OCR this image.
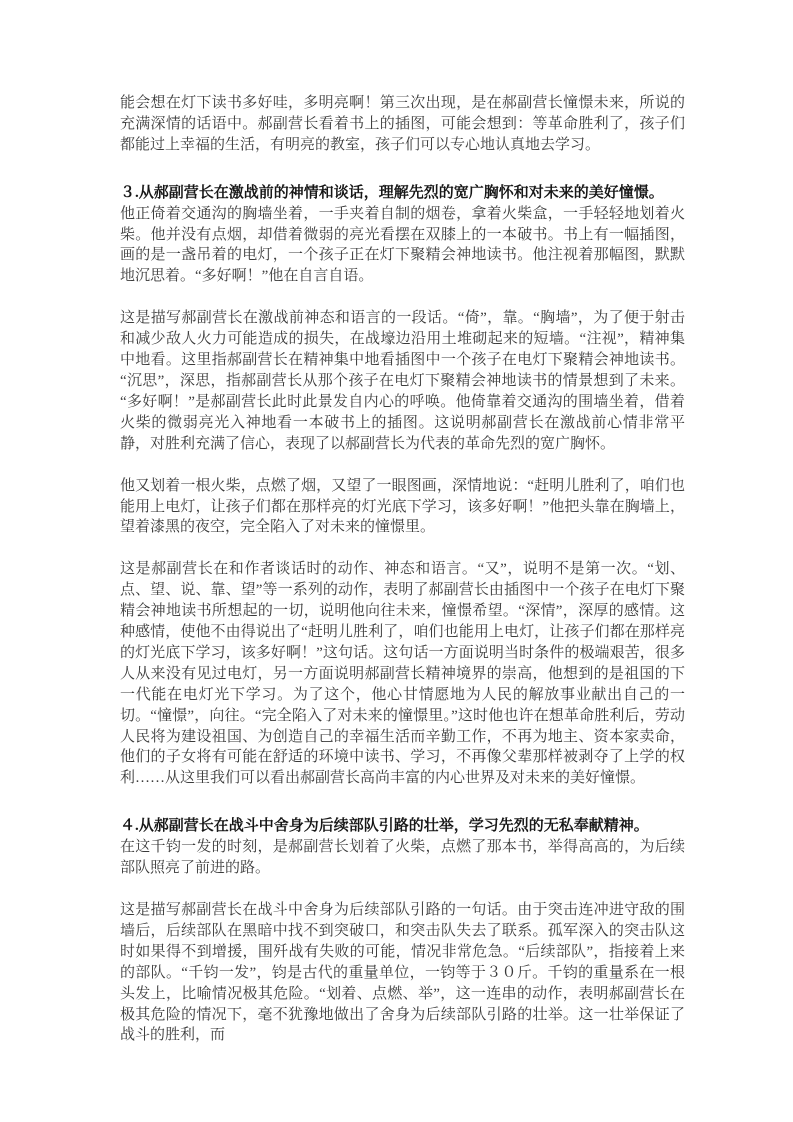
能会想在灯下读书多好哇，多明亮啊！第三次出现，是在郝副营长憧憬未来，所说的充满深情的话语中。郝副营长看着书上的插图，可能会想到：等革命胜利了，孩子们都能过上幸福的生活，有明亮的教室，孩子们可以专心地认真地去学习。

３.从郝副营长在激战前的神情和谈话，理解先烈的宽广胸怀和对未来的美好憧憬。

他正倚着交通沟的胸墙坐着，一手夹着自制的烟卷，拿着火柴盒，一手轻轻地划着火柴。他并没有点烟，却借着微弱的亮光看摆在双膝上的一本破书。书上有一幅插图，画的是一盏吊着的电灯，一个孩子正在灯下聚精会神地读书。他注视着那幅图，默默地沉思着。“多好啊！”他在自言自语。

这是描写郝副营长在激战前神态和语言的一段话。“倚”，靠。“胸墙”，为了便于射击和减少敌人火力可能造成的损失，在战壕边沿用土堆砌起来的短墙。“注视”，精神集中地看。这里指郝副营长在精神集中地看插图中一个孩子在电灯下聚精会神地读书。“沉思”，深思，指郝副营长从那个孩子在电灯下聚精会神地读书的情景想到了未来。“多好啊！”是郝副营长此时此景发自内心的呼唤。他倚靠着交通沟的围墙坐着，借着火柴的微弱亮光入神地看一本破书上的插图。这说明郝副营长在激战前心情非常平静，对胜利充满了信心，表现了以郝副营长为代表的革命先烈的宽广胸怀。

他又划着一根火柴，点燃了烟，又望了一眼图画，深情地说：“赶明儿胜利了，咱们也能用上电灯，让孩子们都在那样亮的灯光底下学习，该多好啊！”他把头靠在胸墙上，望着漆黑的夜空，完全陷入了对未来的憧憬里。

这是郝副营长在和作者谈话时的动作、神态和语言。“又”，说明不是第一次。“划、点、望、说、靠、望”等一系列的动作，表明了郝副营长由插图中一个孩子在电灯下聚精会神地读书所想起的一切，说明他向往未来，憧憬希望。“深情”，深厚的感情。这种感情，使他不由得说出了“赶明儿胜利了，咱们也能用上电灯，让孩子们都在那样亮的灯光底下学习，该多好啊！”这句话。这句话一方面说明当时条件的极端艰苦，很多人从来没有见过电灯，另一方面说明郝副营长精神境界的崇高，他想到的是祖国的下一代能在电灯光下学习。为了这个，他心甘情愿地为人民的解放事业献出自己的一切。“憧憬”，向往。“完全陷入了对未来的憧憬里。”这时他也许在想革命胜利后，劳动人民将为建设祖国、为创造自己的幸福生活而辛勤工作，不再为地主、资本家卖命，他们的子女将有可能在舒适的环境中读书、学习，不再像父辈那样被剥夺了上学的权利……从这里我们可以看出郝副营长高尚丰富的内心世界及对未来的美好憧憬。

４.从郝副营长在战斗中舍身为后续部队引路的壮举，学习先烈的无私奉献精神。

在这千钧一发的时刻，是郝副营长划着了火柴，点燃了那本书，举得高高的，为后续部队照亮了前进的路。

这是描写郝副营长在战斗中舍身为后续部队引路的一句话。由于突击连冲进守敌的围墙后，后续部队在黑暗中找不到突破口，和突击队失去了联系。孤军深入的突击队这时如果得不到增援，围歼战有失败的可能，情况非常危急。“后续部队”，指接着上来的部队。“千钧一发”，钧是古代的重量单位，一钧等于３０斤。千钧的重量系在一根头发上，比喻情况极其危险。“划着、点燃、举”，这一连串的动作，表明郝副营长在极其危险的情况下，毫不犹豫地做出了舍身为后续部队引路的壮举。这一壮举保证了战斗的胜利，而
